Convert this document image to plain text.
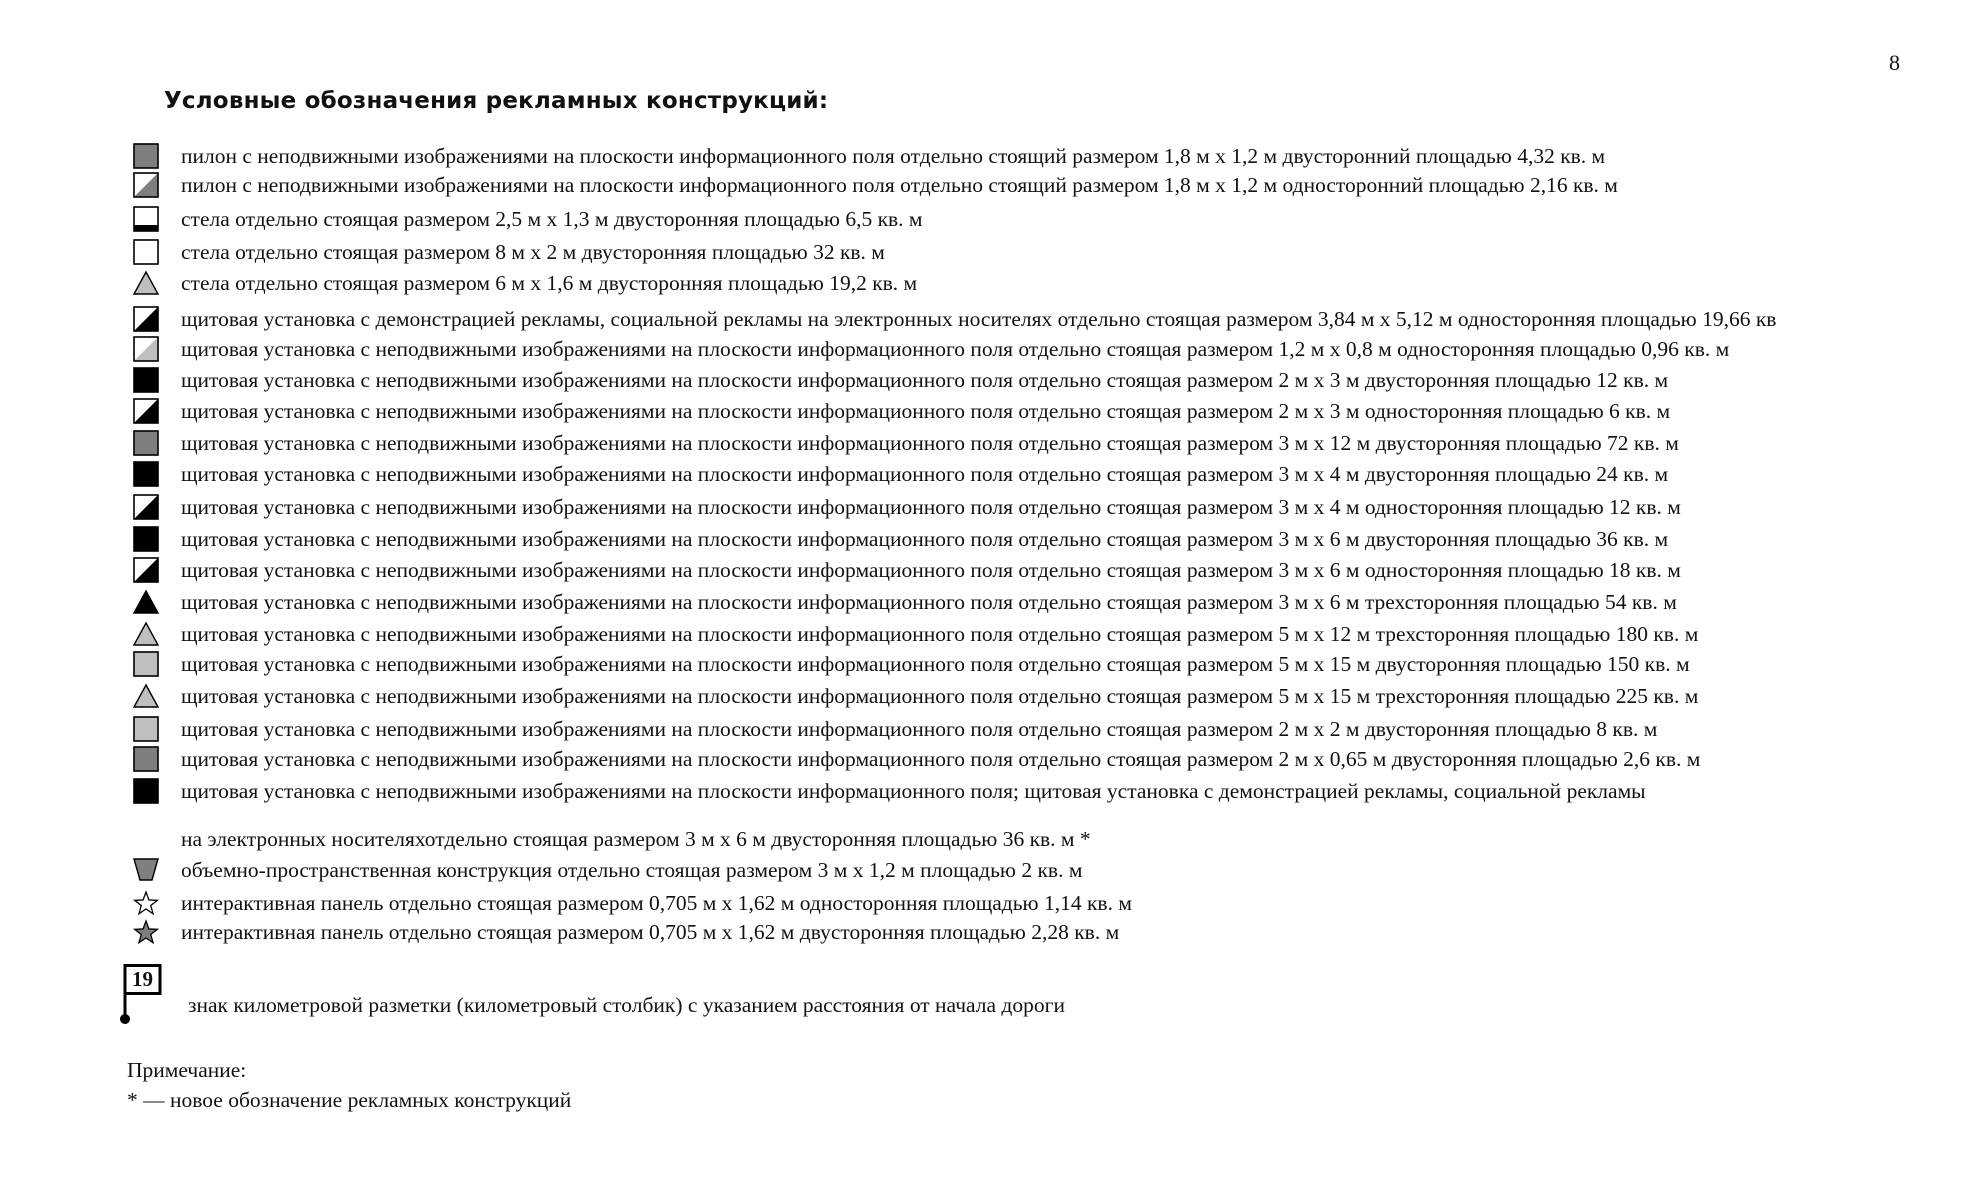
8
Условные обозначения рекламных конструкций:
пилон с неподвижными изображениями на плоскости информационного поля отдельно стоящий размером 1,8 м х 1,2 м двусторонний площадью 4,32 кв. м
пилон с неподвижными изображениями на плоскости информационного поля отдельно стоящий размером 1,8 м х 1,2 м односторонний площадью 2,16 кв. м
стела отдельно стоящая размером 2,5 м х 1,3 м двусторонняя площадью 6,5 кв. м
стела отдельно стоящая размером 8 м х 2 м двусторонняя площадью 32 кв. м
стела отдельно стоящая размером 6 м х 1,6 м двусторонняя площадью 19,2 кв. м
щитовая установка с демонстрацией рекламы, социальной рекламы на электронных носителях отдельно стоящая размером 3,84 м х 5,12 м односторонняя площадью 19,66 кв
щитовая установка с неподвижными изображениями на плоскости информационного поля отдельно стоящая размером 1,2 м х 0,8 м односторонняя площадью 0,96 кв. м
щитовая установка с неподвижными изображениями на плоскости информационного поля отдельно стоящая размером 2 м х 3 м двусторонняя площадью 12 кв. м
щитовая установка с неподвижными изображениями на плоскости информационного поля отдельно стоящая размером 2 м х 3 м односторонняя площадью 6 кв. м
щитовая установка с неподвижными изображениями на плоскости информационного поля отдельно стоящая размером 3 м х 12 м двусторонняя площадью 72 кв. м
щитовая установка с неподвижными изображениями на плоскости информационного поля отдельно стоящая размером 3 м х 4 м двусторонняя площадью 24 кв. м
щитовая установка с неподвижными изображениями на плоскости информационного поля отдельно стоящая размером 3 м х 4 м односторонняя площадью 12 кв. м
щитовая установка с неподвижными изображениями на плоскости информационного поля отдельно стоящая размером 3 м х 6 м двусторонняя площадью 36 кв. м
щитовая установка с неподвижными изображениями на плоскости информационного поля отдельно стоящая размером 3 м х 6 м односторонняя площадью 18 кв. м
щитовая установка с неподвижными изображениями на плоскости информационного поля отдельно стоящая размером 3 м х 6 м трехсторонняя площадью 54 кв. м
щитовая установка с неподвижными изображениями на плоскости информационного поля отдельно стоящая размером 5 м х 12 м трехсторонняя площадью 180 кв. м
щитовая установка с неподвижными изображениями на плоскости информационного поля отдельно стоящая размером 5 м х 15 м двусторонняя площадью 150 кв. м
щитовая установка с неподвижными изображениями на плоскости информационного поля отдельно стоящая размером 5 м х 15 м трехсторонняя площадью 225 кв. м
щитовая установка с неподвижными изображениями на плоскости информационного поля отдельно стоящая размером 2 м х 2 м двусторонняя площадью 8 кв. м
щитовая установка с неподвижными изображениями на плоскости информационного поля отдельно стоящая размером 2 м х 0,65 м двусторонняя площадью 2,6 кв. м
щитовая установка с неподвижными изображениями на плоскости информационного поля; щитовая установка с демонстрацией рекламы, социальной рекламы
на электронных носителяхотдельно стоящая размером 3 м х 6 м двусторонняя площадью 36 кв. м *
объемно-пространственная конструкция отдельно стоящая размером 3 м х 1,2 м площадью 2 кв. м
интерактивная панель отдельно стоящая размером 0,705 м х 1,62 м односторонняя площадью 1,14 кв. м
интерактивная панель отдельно стоящая размером 0,705 м х 1,62 м двусторонняя площадью 2,28 кв. м
19
знак километровой разметки (километровый столбик) с указанием расстояния от начала дороги
Примечание:
* — новое обозначение рекламных конструкций
